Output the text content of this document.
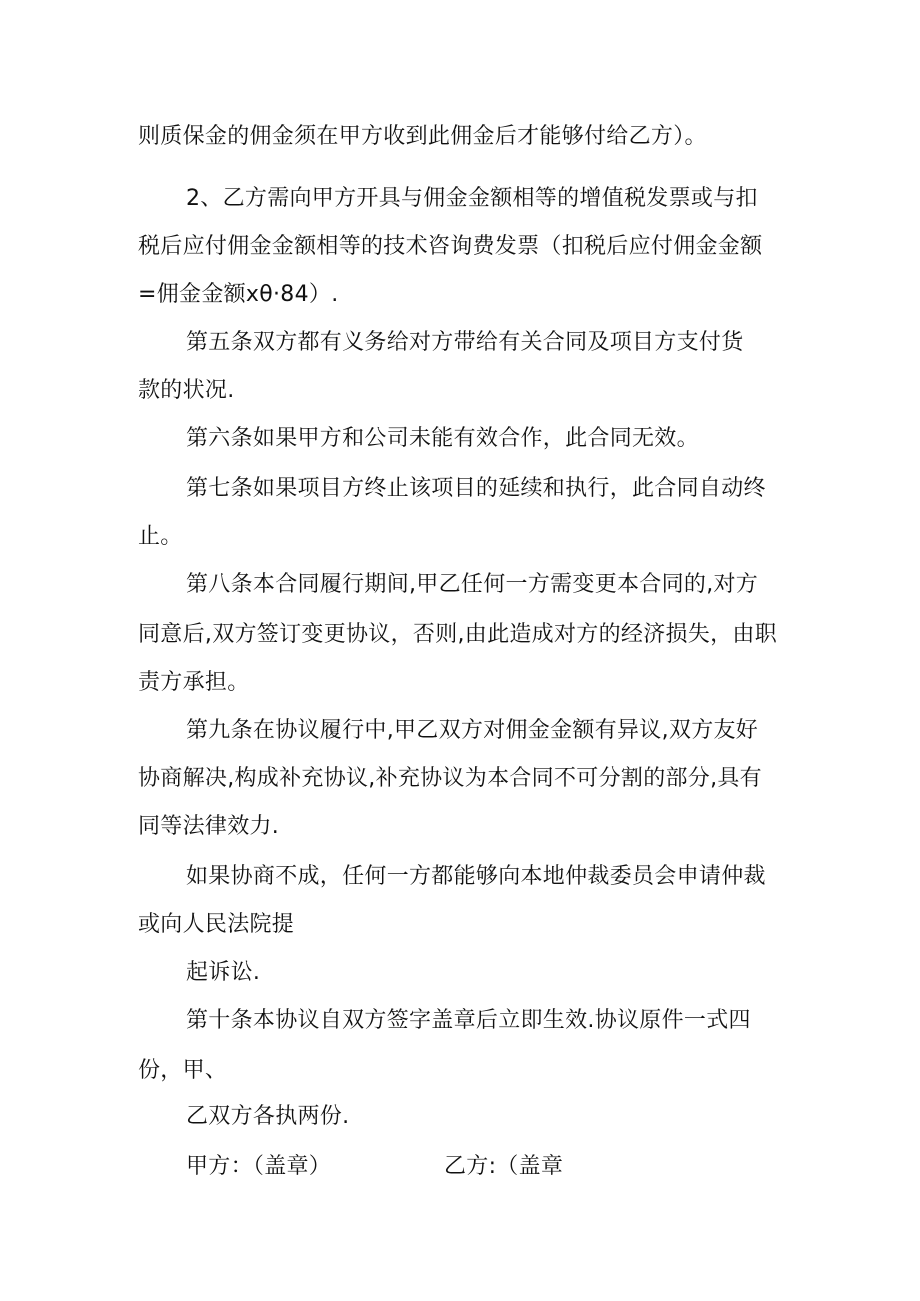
则质保金的佣金须在甲方收到此佣金后才能够付给乙方）。
2、乙方需向甲方开具与佣金金额相等的增值税发票或与扣
税后应付佣金金额相等的技术咨询费发票（扣税后应付佣金金额
=佣金金额xθ·84）.
第五条双方都有义务给对方带给有关合同及项目方支付货
款的状况.
第六条如果甲方和公司未能有效合作，此合同无效。
第七条如果项目方终止该项目的延续和执行，此合同自动终
止。
第八条本合同履行期间,甲乙任何一方需变更本合同的,对方
同意后,双方签订变更协议，否则,由此造成对方的经济损失，由职
责方承担。
第九条在协议履行中,甲乙双方对佣金金额有异议,双方友好
协商解决,构成补充协议,补充协议为本合同不可分割的部分,具有
同等法律效力.
如果协商不成，任何一方都能够向本地仲裁委员会申请仲裁
或向人民法院提
起诉讼.
第十条本协议自双方签字盖章后立即生效.协议原件一式四
份，甲、
乙双方各执两份.
甲方：（盖章）	乙方:（盖章
